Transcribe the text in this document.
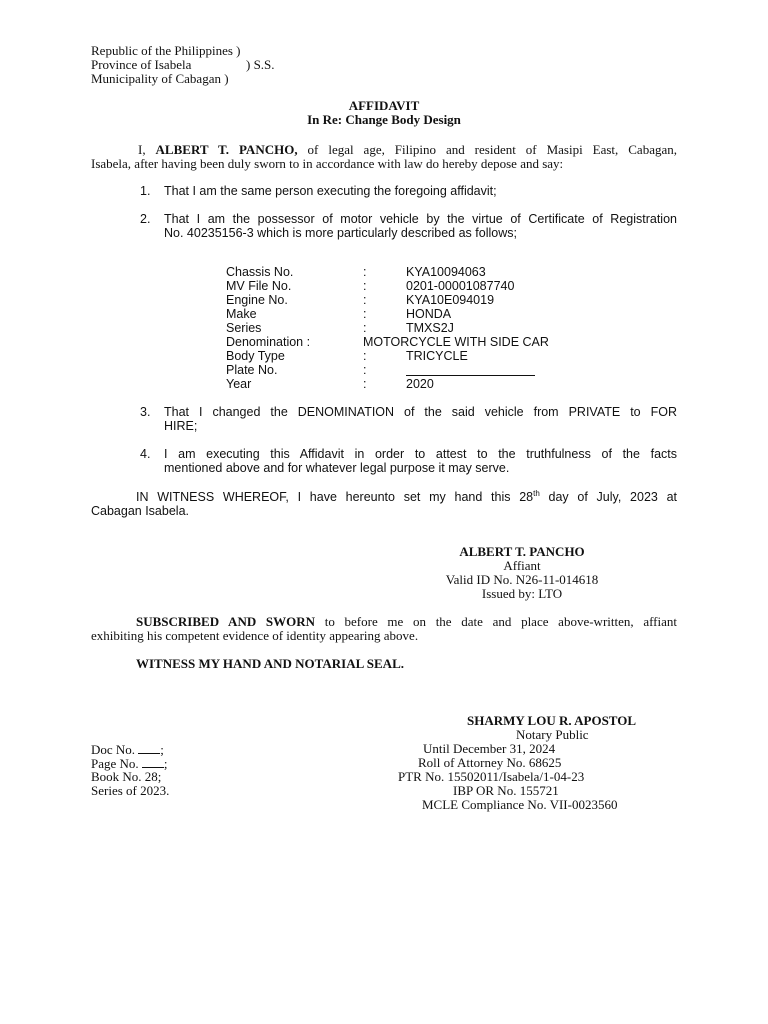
Republic of the Philippines )
Province of Isabela	) S.S.
Municipality of Cabagan )
AFFIDAVIT
In Re: Change Body Design
I, ALBERT T. PANCHO, of legal age, Filipino and resident of Masipi East, Cabagan,
Isabela, after having been duly sworn to in accordance with law do hereby depose and say:
1. That I am the same person executing the foregoing affidavit;
2. That I am the possessor of motor vehicle by the virtue of Certificate of Registration
No. 40235156-3 which is more particularly described as follows;
Chassis No.	:	KYA10094063
MV File No.	:	0201-00001087740
Engine No.	:	KYA10E094019
Make	:	HONDA
Series	:	TMXS2J
Denomination :	MOTORCYCLE WITH SIDE CAR
Body Type	:	TRICYCLE
Plate No.	:
Year	:	2020
3. That I changed the DENOMINATION of the said vehicle from PRIVATE to FOR
HIRE;
4. I am executing this Affidavit in order to attest to the truthfulness of the facts
mentioned above and for whatever legal purpose it may serve.
IN WITNESS WHEREOF, I have hereunto set my hand this 28th day of July, 2023 at
Cabagan Isabela.
ALBERT T. PANCHO
Affiant
Valid ID No. N26-11-014618
Issued by: LTO
SUBSCRIBED AND SWORN to before me on the date and place above-written, affiant
exhibiting his competent evidence of identity appearing above.
WITNESS MY HAND AND NOTARIAL SEAL.
SHARMY LOU R. APOSTOL
Notary Public
Until December 31, 2024
Roll of Attorney No. 68625
PTR No. 15502011/Isabela/1-04-23
IBP OR No. 155721
MCLE Compliance No. VII-0023560
Doc No. ;
Page No. ;
Book No. 28;
Series of 2023.
